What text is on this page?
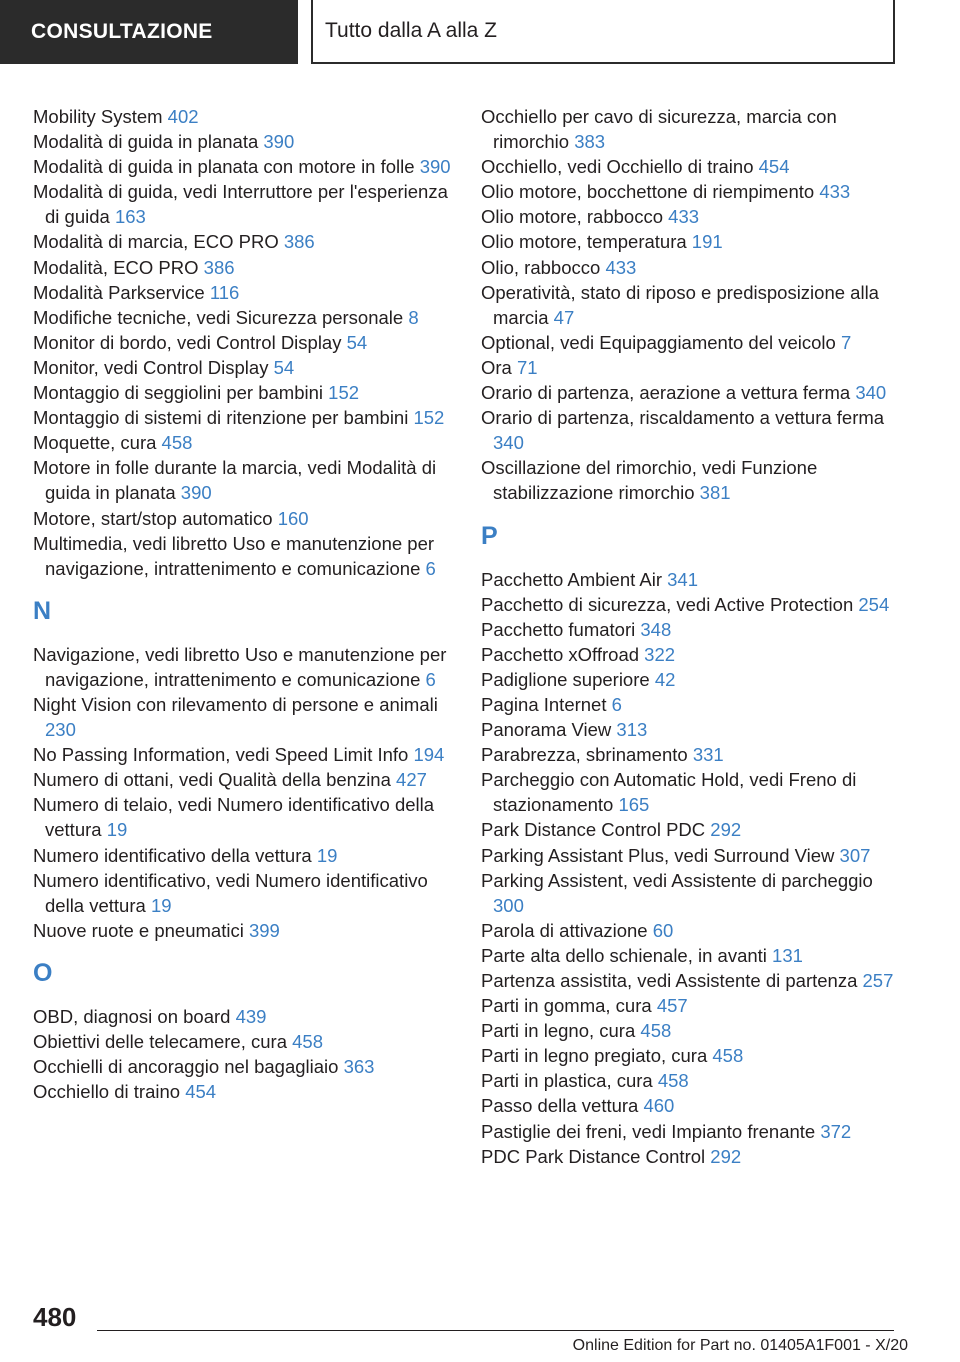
CONSULTAZIONE	Tutto dalla A alla Z

Mobility System 402

Modalità di guida in planata 390

Modalità di guida in planata con motore in folle 390

Modalità di guida, vedi Interruttore per l'esperienza di guida 163

Modalità di marcia, ECO PRO 386

Modalità, ECO PRO 386

Modalità Parkservice 116

Modifiche tecniche, vedi Sicurezza personale 8

Monitor di bordo, vedi Control Display 54

Monitor, vedi Control Display 54

Montaggio di seggiolini per bambini 152

Montaggio di sistemi di ritenzione per bambini 152

Moquette, cura 458

Motore in folle durante la marcia, vedi Modalità di guida in planata 390

Motore, start/stop automatico 160

Multimedia, vedi libretto Uso e manutenzione per navigazione, intrattenimento e comunicazione 6

N

Navigazione, vedi libretto Uso e manutenzione per navigazione, intrattenimento e comunicazione 6

Night Vision con rilevamento di persone e animali 230

No Passing Information, vedi Speed Limit Info 194

Numero di ottani, vedi Qualità della benzina 427

Numero di telaio, vedi Numero identificativo della vettura 19

Numero identificativo della vettura 19

Numero identificativo, vedi Numero identificativo della vettura 19

Nuove ruote e pneumatici 399

O

OBD, diagnosi on board 439

Obiettivi delle telecamere, cura 458

Occhielli di ancoraggio nel bagagliaio 363

Occhiello di traino 454

Occhiello per cavo di sicurezza, marcia con rimorchio 383

Occhiello, vedi Occhiello di traino 454

Olio motore, bocchettone di riempimento 433

Olio motore, rabbocco 433

Olio motore, temperatura 191

Olio, rabbocco 433

Operatività, stato di riposo e predisposizione alla marcia 47

Optional, vedi Equipaggiamento del veicolo 7

Ora 71

Orario di partenza, aerazione a vettura ferma 340

Orario di partenza, riscaldamento a vettura ferma 340

Oscillazione del rimorchio, vedi Funzione stabilizzazione rimorchio 381

P

Pacchetto Ambient Air 341

Pacchetto di sicurezza, vedi Active Protection 254

Pacchetto fumatori 348

Pacchetto xOffroad 322

Padiglione superiore 42

Pagina Internet 6

Panorama View 313

Parabrezza, sbrinamento 331

Parcheggio con Automatic Hold, vedi Freno di stazionamento 165

Park Distance Control PDC 292

Parking Assistant Plus, vedi Surround View 307

Parking Assistent, vedi Assistente di parcheggio 300

Parola di attivazione 60

Parte alta dello schienale, in avanti 131

Partenza assistita, vedi Assistente di partenza 257

Parti in gomma, cura 457

Parti in legno, cura 458

Parti in legno pregiato, cura 458

Parti in plastica, cura 458

Passo della vettura 460

Pastiglie dei freni, vedi Impianto frenante 372

PDC Park Distance Control 292

480
Online Edition for Part no. 01405A1F001 - X/20
